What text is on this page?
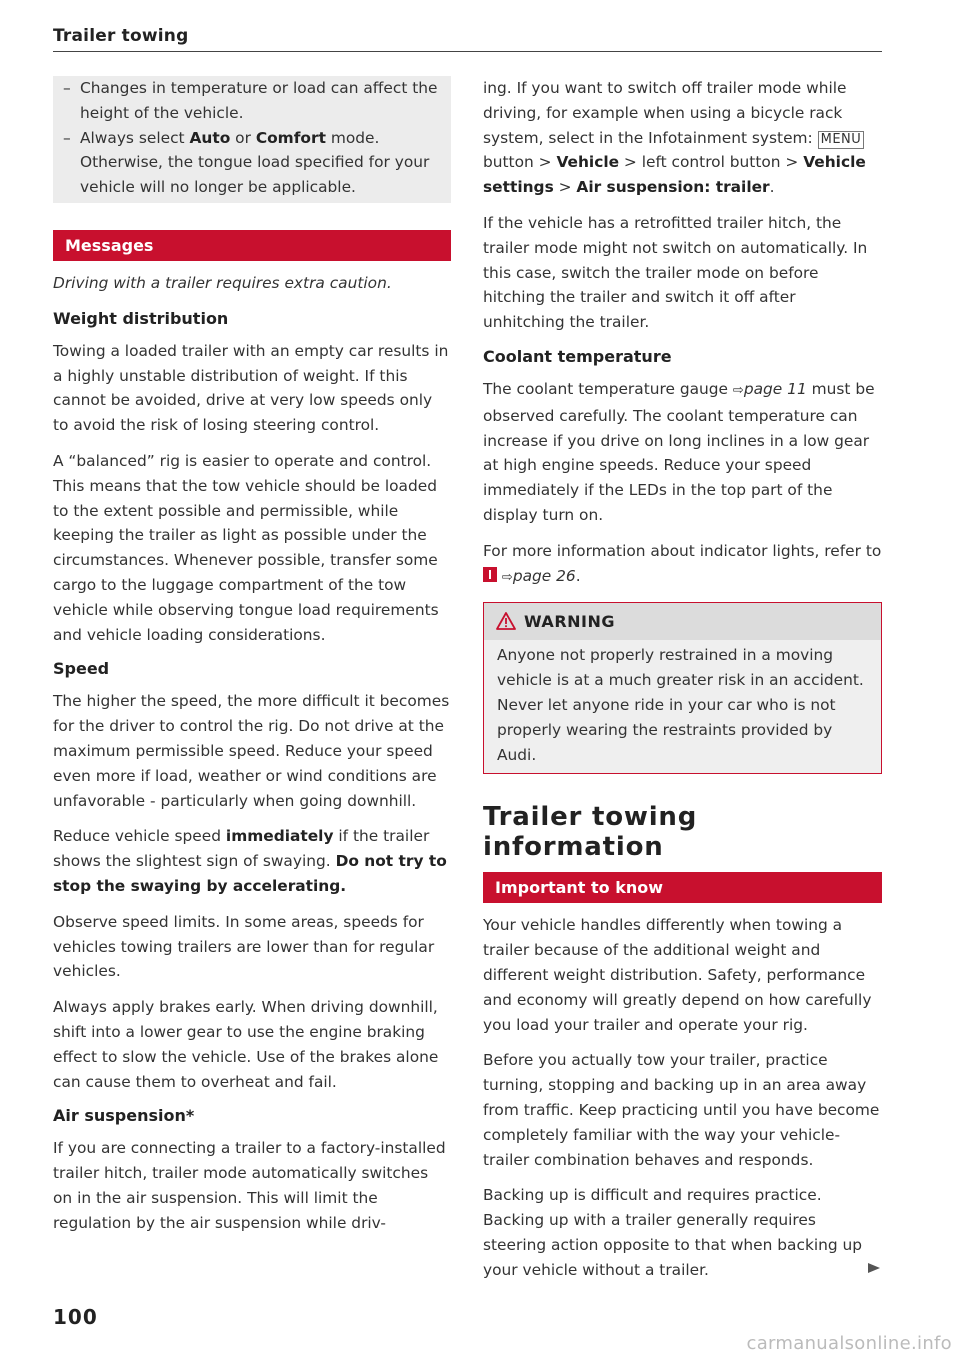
Trailer towing
– Changes in temperature or load can affect the height of the vehicle.
– Always select Auto or Comfort mode. Otherwise, the tongue load specified for your vehicle will no longer be applicable.
Messages

Driving with a trailer requires extra caution.

Weight distribution

Towing a loaded trailer with an empty car results in a highly unstable distribution of weight. If this cannot be avoided, drive at very low speeds only to avoid the risk of losing steering control.

A “balanced” rig is easier to operate and control. This means that the tow vehicle should be loaded to the extent possible and permissible, while keeping the trailer as light as possible under the circumstances. Whenever possible, transfer some cargo to the luggage compartment of the tow vehicle while observing tongue load requirements and vehicle loading considerations.

Speed

The higher the speed, the more difficult it becomes for the driver to control the rig. Do not drive at the maximum permissible speed. Reduce your speed even more if load, weather or wind conditions are unfavorable - particularly when going downhill.

Reduce vehicle speed immediately if the trailer shows the slightest sign of swaying. Do not try to stop the swaying by accelerating.

Observe speed limits. In some areas, speeds for vehicles towing trailers are lower than for regular vehicles.

Always apply brakes early. When driving downhill, shift into a lower gear to use the engine braking effect to slow the vehicle. Use of the brakes alone can cause them to overheat and fail.

Air suspension*

If you are connecting a trailer to a factory-installed trailer hitch, trailer mode automatically switches on in the air suspension. This will limit the regulation by the air suspension while driv-

ing. If you want to switch off trailer mode while driving, for example when using a bicycle rack system, select in the Infotainment system: MENU button > Vehicle > left control button > Vehicle settings > Air suspension: trailer.

If the vehicle has a retrofitted trailer hitch, the trailer mode might not switch on automatically. In this case, switch the trailer mode on before hitching the trailer and switch it off after unhitching the trailer.

Coolant temperature

The coolant temperature gauge ⇨page 11 must be observed carefully. The coolant temperature can increase if you drive on long inclines in a low gear at high engine speeds. Reduce your speed immediately if the LEDs in the top part of the display turn on.

For more information about indicator lights, refer to  ⇨page 26.

WARNING

Anyone not properly restrained in a moving vehicle is at a much greater risk in an accident. Never let anyone ride in your car who is not properly wearing the restraints provided by Audi.

Trailer towing
information
Important to know

Your vehicle handles differently when towing a trailer because of the additional weight and different weight distribution. Safety, performance and economy will greatly depend on how carefully you load your trailer and operate your rig.

Before you actually tow your trailer, practice turning, stopping and backing up in an area away from traffic. Keep practicing until you have become completely familiar with the way your vehicle-trailer combination behaves and responds.

Backing up is difficult and requires practice. Backing up with a trailer generally requires steering action opposite to that when backing up your vehicle without a trailer.

100
carmanualsonline.info
